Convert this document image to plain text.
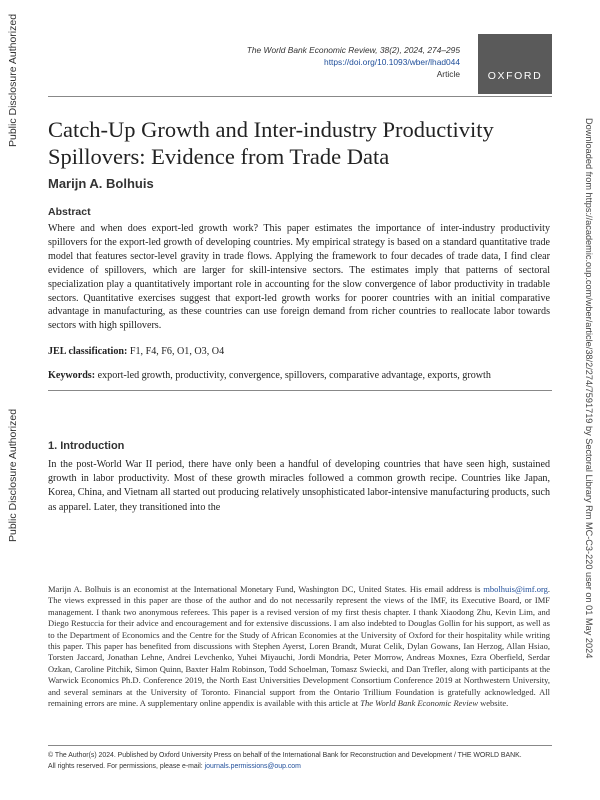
Public Disclosure Authorized
Public Disclosure Authorized	Downloaded from https://academic.oup.com/wber/article/38/2/274/7591719 by Sectoral Library Rm MC-C3-220 user on 01 May 2024
The World Bank Economic Review, 38(2), 2024, 274–295
https://doi.org/10.1093/wber/lhad044
Article	OXFORD
Catch-Up Growth and Inter-industry Productivity Spillovers: Evidence from Trade Data
Marijn A. Bolhuis
Abstract

Where and when does export-led growth work? This paper estimates the importance of inter-industry productivity spillovers for the export-led growth of developing countries. My empirical strategy is based on a standard quantitative trade model that features sector-level gravity in trade flows. Applying the framework to four decades of trade data, I find clear evidence of spillovers, which are larger for skill-intensive sectors. The estimates imply that patterns of sectoral specialization play a quantitatively important role in accounting for the slow convergence of labor productivity in tradable sectors. Quantitative exercises suggest that export-led growth works for poorer countries with an initial comparative advantage in manufacturing, as these countries can use foreign demand from richer countries to reallocate labor towards sectors with high spillovers.

JEL classification: F1, F4, F6, O1, O3, O4

Keywords: export-led growth, productivity, convergence, spillovers, comparative advantage, exports, growth

1. Introduction

In the post-World War II period, there have only been a handful of developing countries that have seen high, sustained growth in labor productivity. Most of these growth miracles followed a common growth recipe. Countries like Japan, Korea, China, and Vietnam all started out producing relatively unsophisticated labor-intensive manufacturing products, such as apparel. Later, they transitioned into the

Marijn A. Bolhuis is an economist at the International Monetary Fund, Washington DC, United States. His email address is mbolhuis@imf.org. The views expressed in this paper are those of the author and do not necessarily represent the views of the IMF, its Executive Board, or IMF management. I thank two anonymous referees. This paper is a revised version of my first thesis chapter. I thank Xiaodong Zhu, Kevin Lim, and Diego Restuccia for their advice and encouragement and for extensive discussions. I am also indebted to Douglas Gollin for his support, as well as to the Department of Economics and the Centre for the Study of African Economies at the University of Oxford for their hospitality while writing this paper. This paper has benefited from discussions with Stephen Ayerst, Loren Brandt, Murat Celik, Dylan Gowans, Ian Herzog, Allan Hsiao, Torsten Jaccard, Jonathan Lehne, Andrei Levchenko, Yuhei Miyauchi, Jordi Mondria, Peter Morrow, Andreas Moxnes, Ezra Oberfield, Serdar Ozkan, Caroline Pitchik, Simon Quinn, Baxter Halm Robinson, Todd Schoelman, Tomasz Swiecki, and Dan Trefler, along with participants at the Warwick Economics Ph.D. Conference 2019, the North East Universities Development Consortium Conference 2019 at Northwestern University, and several seminars at the University of Toronto. Financial support from the Ontario Trillium Foundation is gratefully acknowledged. All remaining errors are mine. A supplementary online appendix is available with this article at The World Bank Economic Review website.

© The Author(s) 2024. Published by Oxford University Press on behalf of the International Bank for Reconstruction and Development / THE WORLD BANK.
All rights reserved. For permissions, please e-mail: journals.permissions@oup.com
